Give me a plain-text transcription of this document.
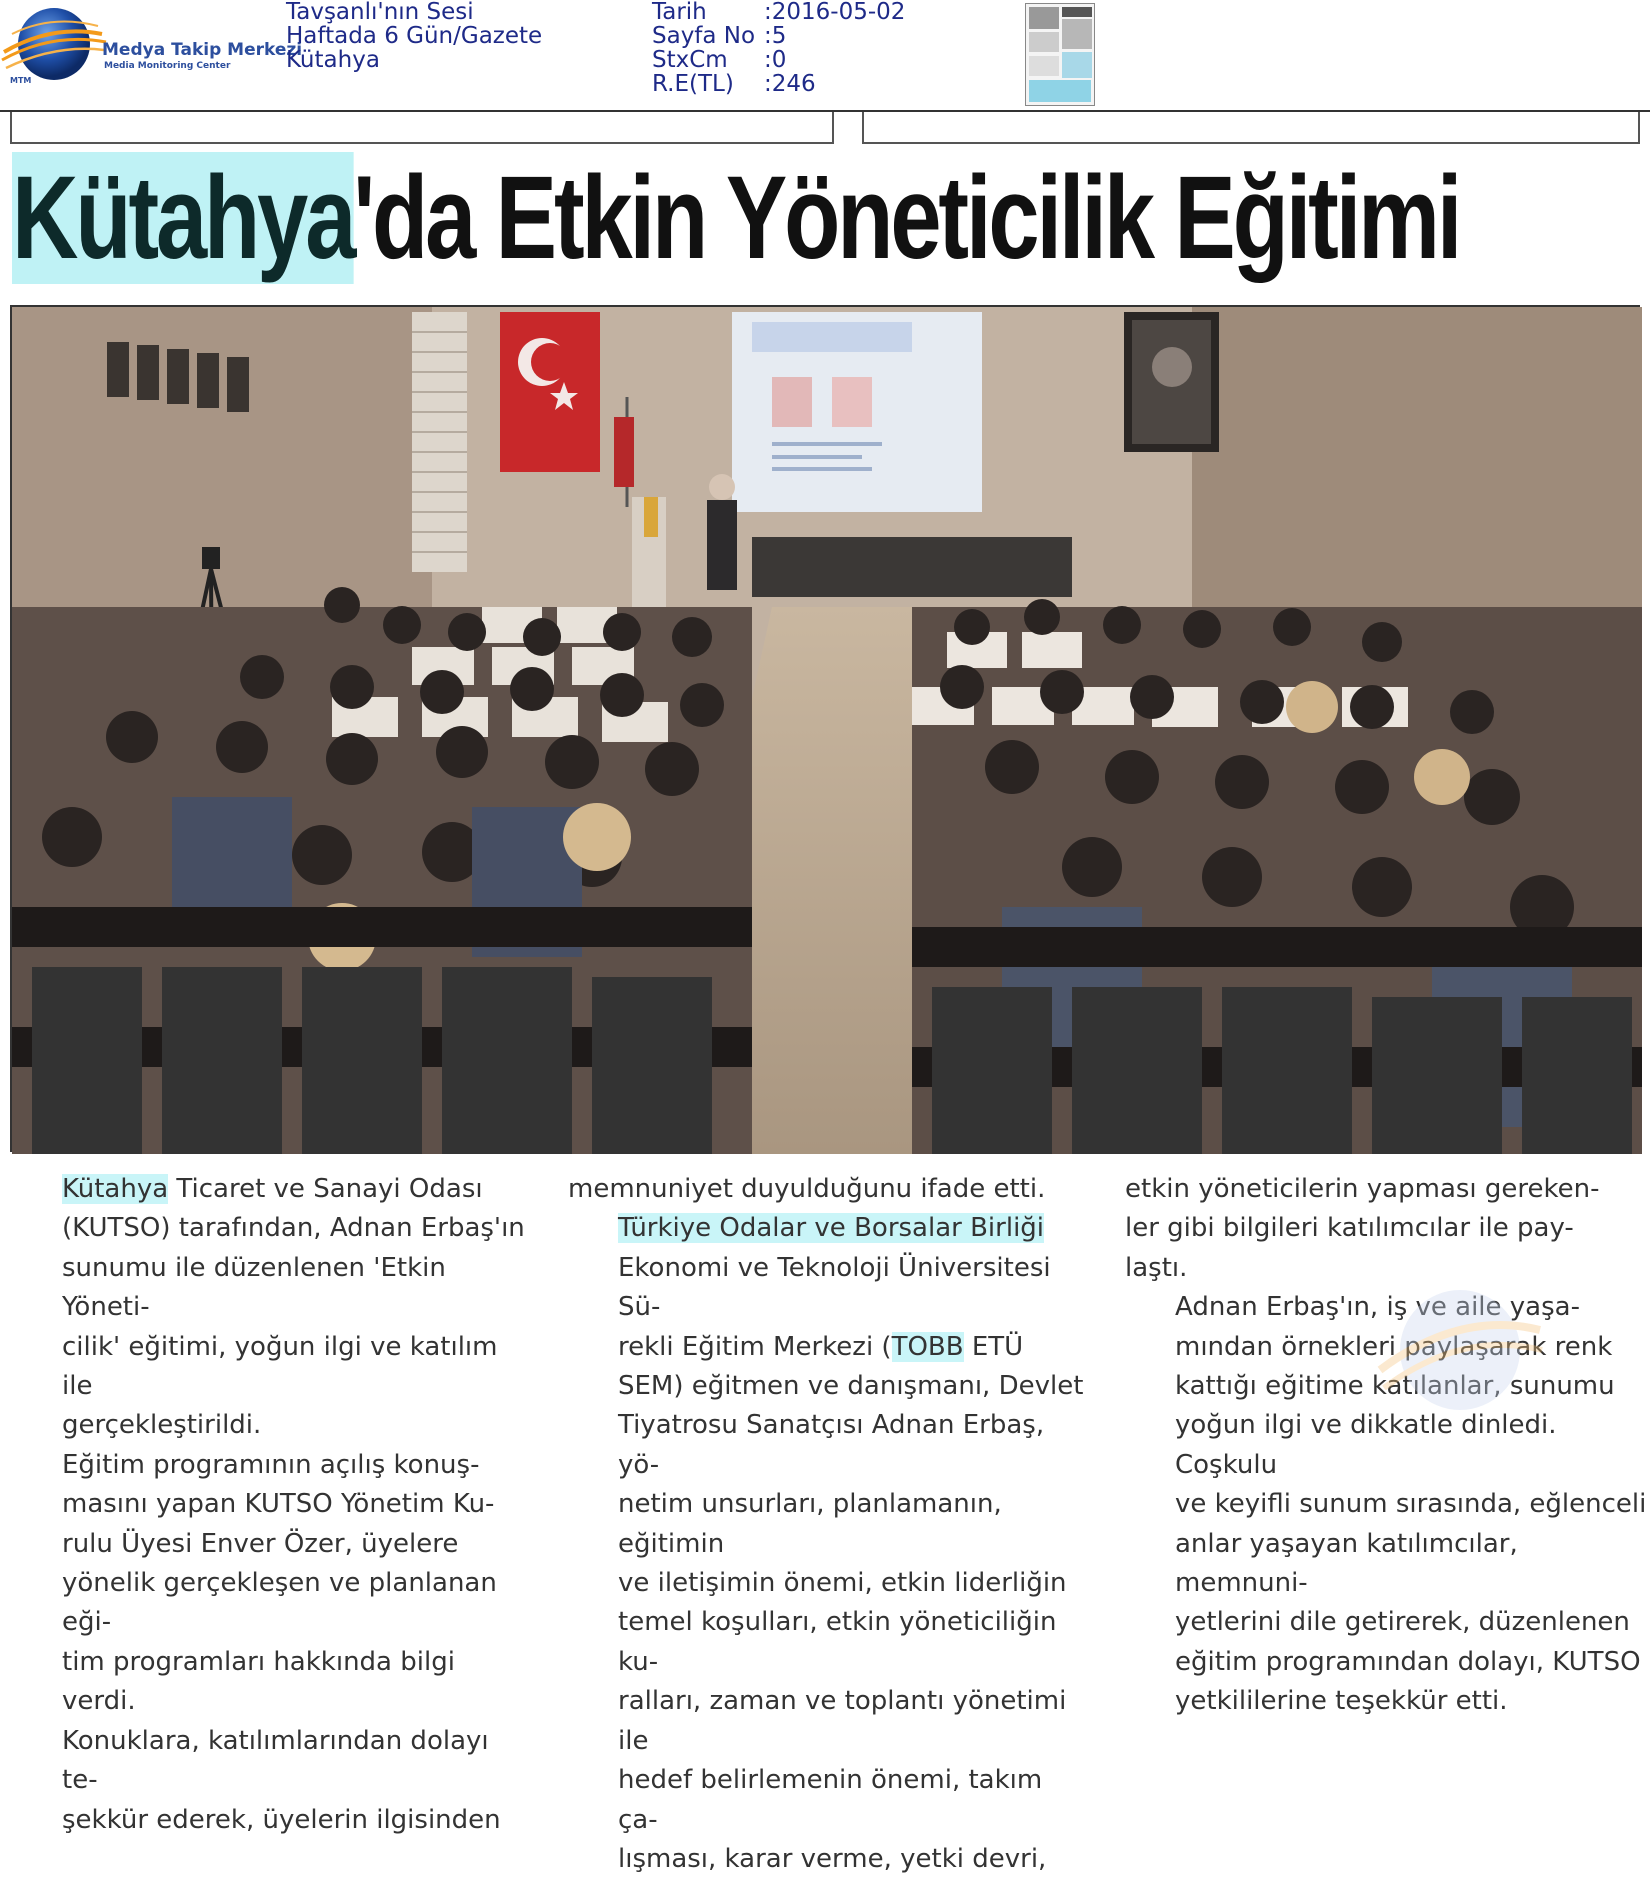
Medya Takip Merkezi
Media Monitoring Center
MTM
Tavşanlı'nın Sesi
Haftada 6 Gün/Gazete
Kütahya
Tarih	:2016-05-02
Sayfa No :5
StxCm	:0
R.E(TL)	:246
Kütahya'da Etkin Yöneticilik Eğitimi

Kütahya Ticaret ve Sanayi Odası
(KUTSO) tarafından, Adnan Erbaş'ın
sunumu ile düzenlenen 'Etkin Yöneti-
cilik' eğitimi, yoğun ilgi ve katılım ile
gerçekleştirildi.

Eğitim programının açılış konuş-
masını yapan KUTSO Yönetim Ku-
rulu Üyesi Enver Özer, üyelere
yönelik gerçekleşen ve planlanan eği-
tim programları hakkında bilgi verdi.
Konuklara, katılımlarından dolayı te-
şekkür ederek, üyelerin ilgisinden

memnuniyet duyulduğunu ifade etti.

Türkiye Odalar ve Borsalar Birliği
Ekonomi ve Teknoloji Üniversitesi Sü-
rekli Eğitim Merkezi (TOBB ETÜ
SEM) eğitmen ve danışmanı, Devlet
Tiyatrosu Sanatçısı Adnan Erbaş, yö-
netim unsurları, planlamanın, eğitimin
ve iletişimin önemi, etkin liderliğin
temel koşulları, etkin yöneticiliğin ku-
ralları, zaman ve toplantı yönetimi ile
hedef belirlemenin önemi, takım ça-
lışması, karar verme, yetki devri,

etkin yöneticilerin yapması gereken-
ler gibi bilgileri katılımcılar ile pay-
laştı.

Adnan Erbaş'ın, iş yaşa-
mından örnekleri renk
kattığı eğitime sunumu
yoğun ilgi ve dikkatle dinledi. Coşkulu
ve keyifli sunum sırasında, eğlenceli
anlar yaşayan katılımcılar, memnuni-
yetlerini dile getirerek, düzenlenen
eğitim programından dolayı, KUTSO
yetkililerine teşekkür etti.
